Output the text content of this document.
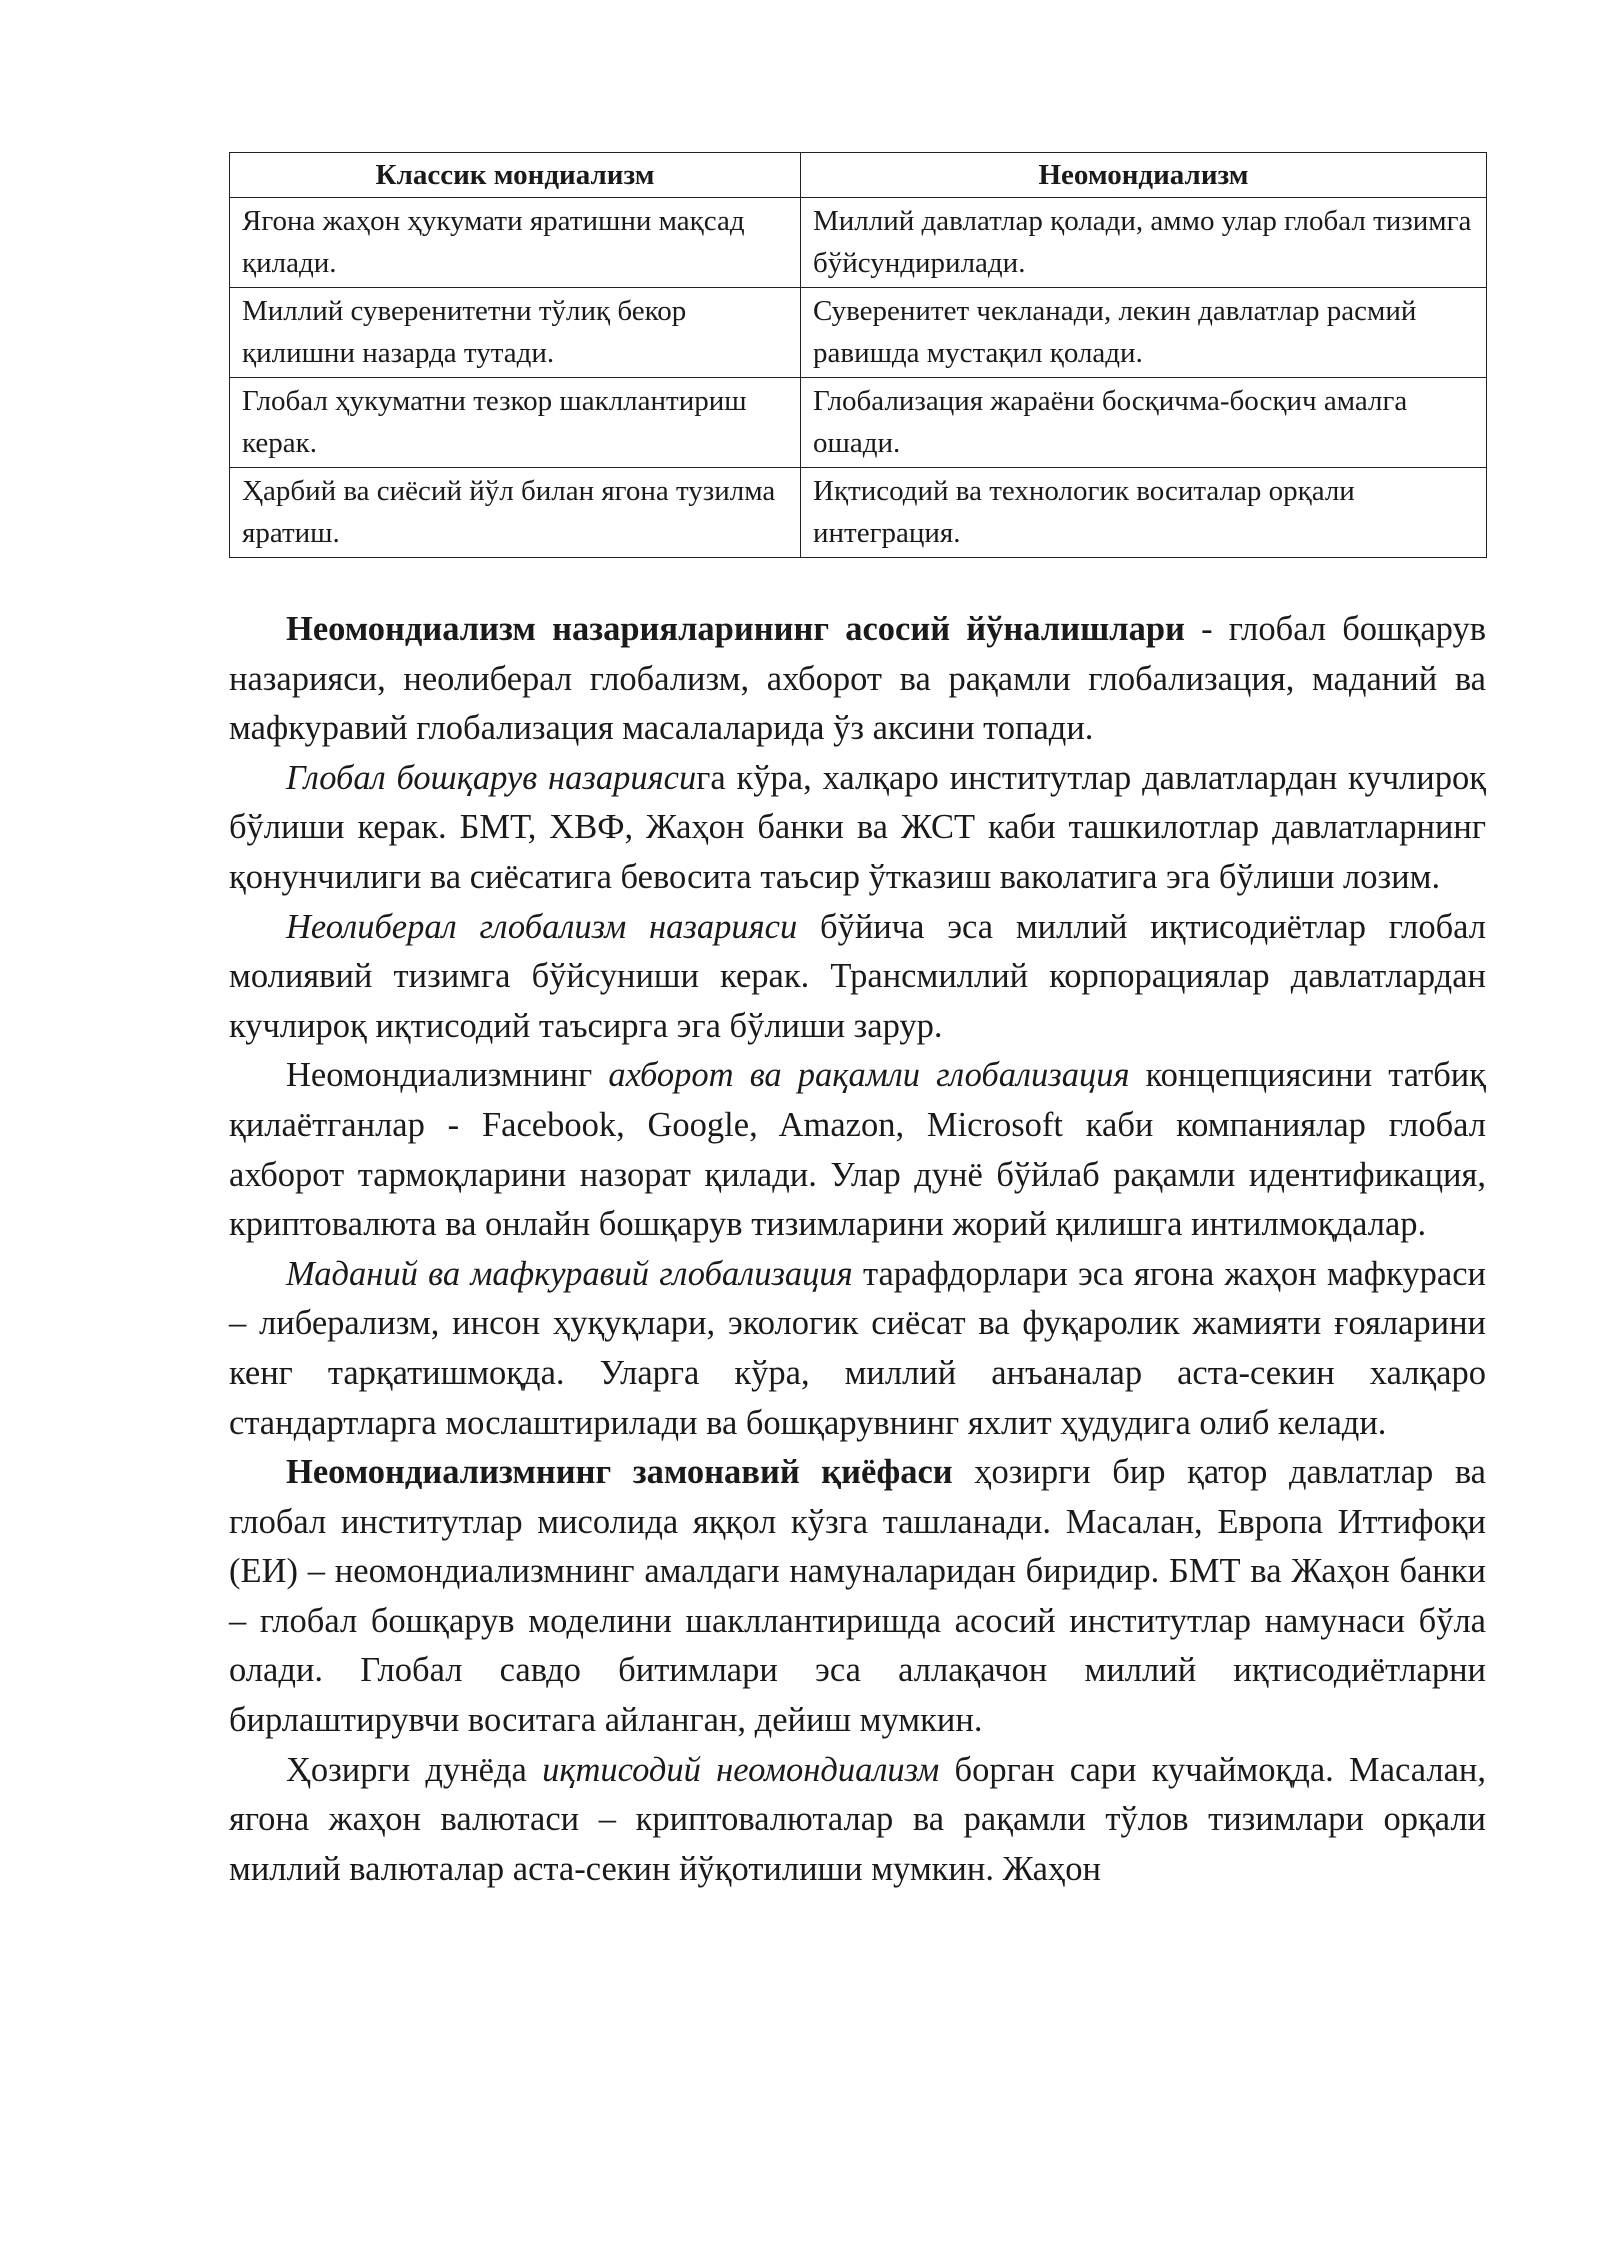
Классик мондиализм	Неомондиализм
Ягона жаҳон ҳукумати яратишни мақсад қилади.	Миллий давлатлар қолади, аммо улар глобал тизимга бўйсундирилади.
Миллий суверенитетни тўлиқ бекор қилишни назарда тутади.	Суверенитет чекланади, лекин давлатлар расмий равишда мустақил қолади.
Глобал ҳукуматни тезкор шакллантириш керак.	Глобализация жараёни босқичма-босқич амалга ошади.
Ҳарбий ва сиёсий йўл билан ягона тузилма яратиш.	Иқтисодий ва технологик воситалар орқали интеграция.

Неомондиализм назарияларининг асосий йўналишлари - глобал бошқарув назарияси, неолиберал глобализм, ахборот ва рақамли глобализация, маданий ва мафкуравий глобализация масалаларида ўз аксини топади.

Глобал бошқарув назариясига кўра, халқаро институтлар давлатлардан кучлироқ бўлиши керак. БМТ, ХВФ, Жаҳон банки ва ЖСТ каби ташкилотлар давлатларнинг қонунчилиги ва сиёсатига бевосита таъсир ўтказиш ваколатига эга бўлиши лозим.

Неолиберал глобализм назарияси бўйича эса миллий иқтисодиётлар глобал молиявий тизимга бўйсуниши керак. Трансмиллий корпорациялар давлатлардан кучлироқ иқтисодий таъсирга эга бўлиши зарур.

Неомондиализмнинг ахборот ва рақамли глобализация концепциясини татбиқ қилаётганлар - Facebook, Google, Amazon, Microsoft каби компаниялар глобал ахборот тармоқларини назорат қилади. Улар дунё бўйлаб рақамли идентификация, криптовалюта ва онлайн бошқарув тизимларини жорий қилишга интилмоқдалар.

Маданий ва мафкуравий глобализация тарафдорлари эса ягона жаҳон мафкураси – либерализм, инсон ҳуқуқлари, экологик сиёсат ва фуқаролик жамияти ғояларини кенг тарқатишмоқда. Уларга кўра, миллий анъаналар аста-секин халқаро стандартларга мослаштирилади ва бошқарувнинг яхлит ҳудудига олиб келади.

Неомондиализмнинг замонавий қиёфаси ҳозирги бир қатор давлатлар ва глобал институтлар мисолида яққол кўзга ташланади. Масалан, Европа Иттифоқи (ЕИ) – неомондиализмнинг амалдаги намуналаридан биридир. БМТ ва Жаҳон банки – глобал бошқарув моделини шакллантиришда асосий институтлар намунаси бўла олади. Глобал савдо битимлари эса аллақачон миллий иқтисодиётларни бирлаштирувчи воситага айланган, дейиш мумкин.

Ҳозирги дунёда иқтисодий неомондиализм борган сари кучаймоқда. Масалан, ягона жаҳон валютаси – криптовалюталар ва рақамли тўлов тизимлари орқали миллий валюталар аста-секин йўқотилиши мумкин. Жаҳон
